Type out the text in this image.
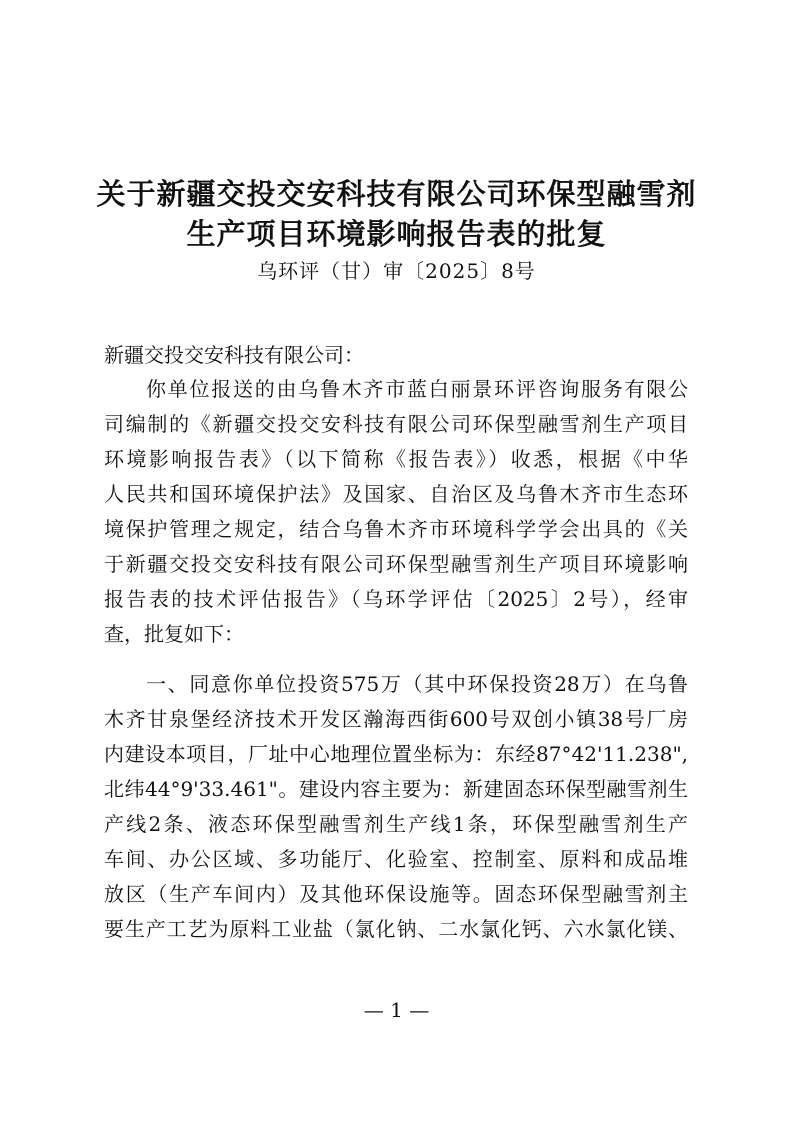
关于新疆交投交安科技有限公司环保型融雪剂
生产项目环境影响报告表的批复
乌环评（甘）审〔2025〕8号
新疆交投交安科技有限公司：
你单位报送的由乌鲁木齐市蓝白丽景环评咨询服务有限公
司编制的《新疆交投交安科技有限公司环保型融雪剂生产项目
环境影响报告表》（以下简称《报告表》）收悉，根据《中华
人民共和国环境保护法》及国家、自治区及乌鲁木齐市生态环
境保护管理之规定，结合乌鲁木齐市环境科学学会出具的《关
于新疆交投交安科技有限公司环保型融雪剂生产项目环境影响
报告表的技术评估报告》（乌环学评估〔2025〕2号），经审
查，批复如下：
一、同意你单位投资575万（其中环保投资28万）在乌鲁
木齐甘泉堡经济技术开发区瀚海西街600号双创小镇38号厂房
内建设本项目，厂址中心地理位置坐标为：东经87°42'11.238",
北纬44°9'33.461"。建设内容主要为：新建固态环保型融雪剂生
产线2条、液态环保型融雪剂生产线1条，环保型融雪剂生产
车间、办公区域、多功能厅、化验室、控制室、原料和成品堆
放区（生产车间内）及其他环保设施等。固态环保型融雪剂主
要生产工艺为原料工业盐（氯化钠、二水氯化钙、六水氯化镁、
— 1 —
